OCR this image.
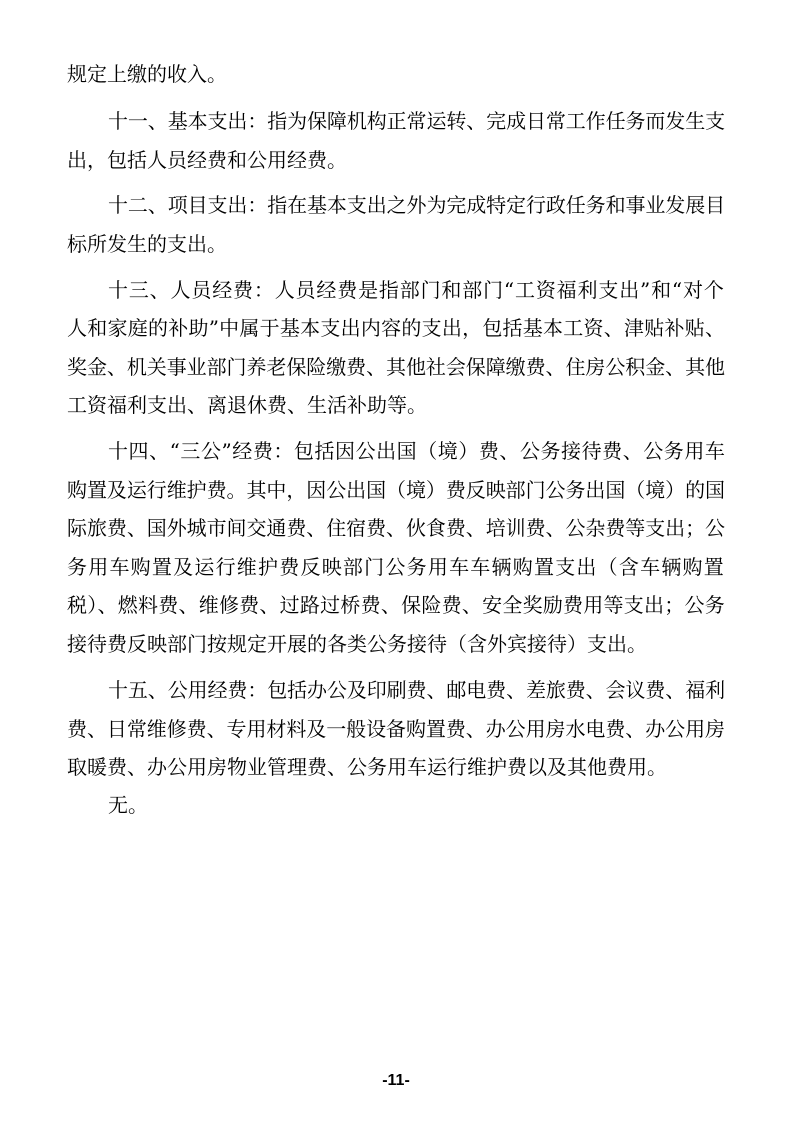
规定上缴的收入。
十一、基本支出：指为保障机构正常运转、完成日常工作任务而发生支
出，包括人员经费和公用经费。
十二、项目支出：指在基本支出之外为完成特定行政任务和事业发展目
标所发生的支出。
十三、人员经费：人员经费是指部门和部门“工资福利支出”和“对个
人和家庭的补助”中属于基本支出内容的支出，包括基本工资、津贴补贴、
奖金、机关事业部门养老保险缴费、其他社会保障缴费、住房公积金、其他
工资福利支出、离退休费、生活补助等。
十四、“三公”经费：包括因公出国（境）费、公务接待费、公务用车
购置及运行维护费。其中，因公出国（境）费反映部门公务出国（境）的国
际旅费、国外城市间交通费、住宿费、伙食费、培训费、公杂费等支出；公
务用车购置及运行维护费反映部门公务用车车辆购置支出（含车辆购置
税）、燃料费、维修费、过路过桥费、保险费、安全奖励费用等支出；公务
接待费反映部门按规定开展的各类公务接待（含外宾接待）支出。
十五、公用经费：包括办公及印刷费、邮电费、差旅费、会议费、福利
费、日常维修费、专用材料及一般设备购置费、办公用房水电费、办公用房
取暖费、办公用房物业管理费、公务用车运行维护费以及其他费用。
无。
-11-
